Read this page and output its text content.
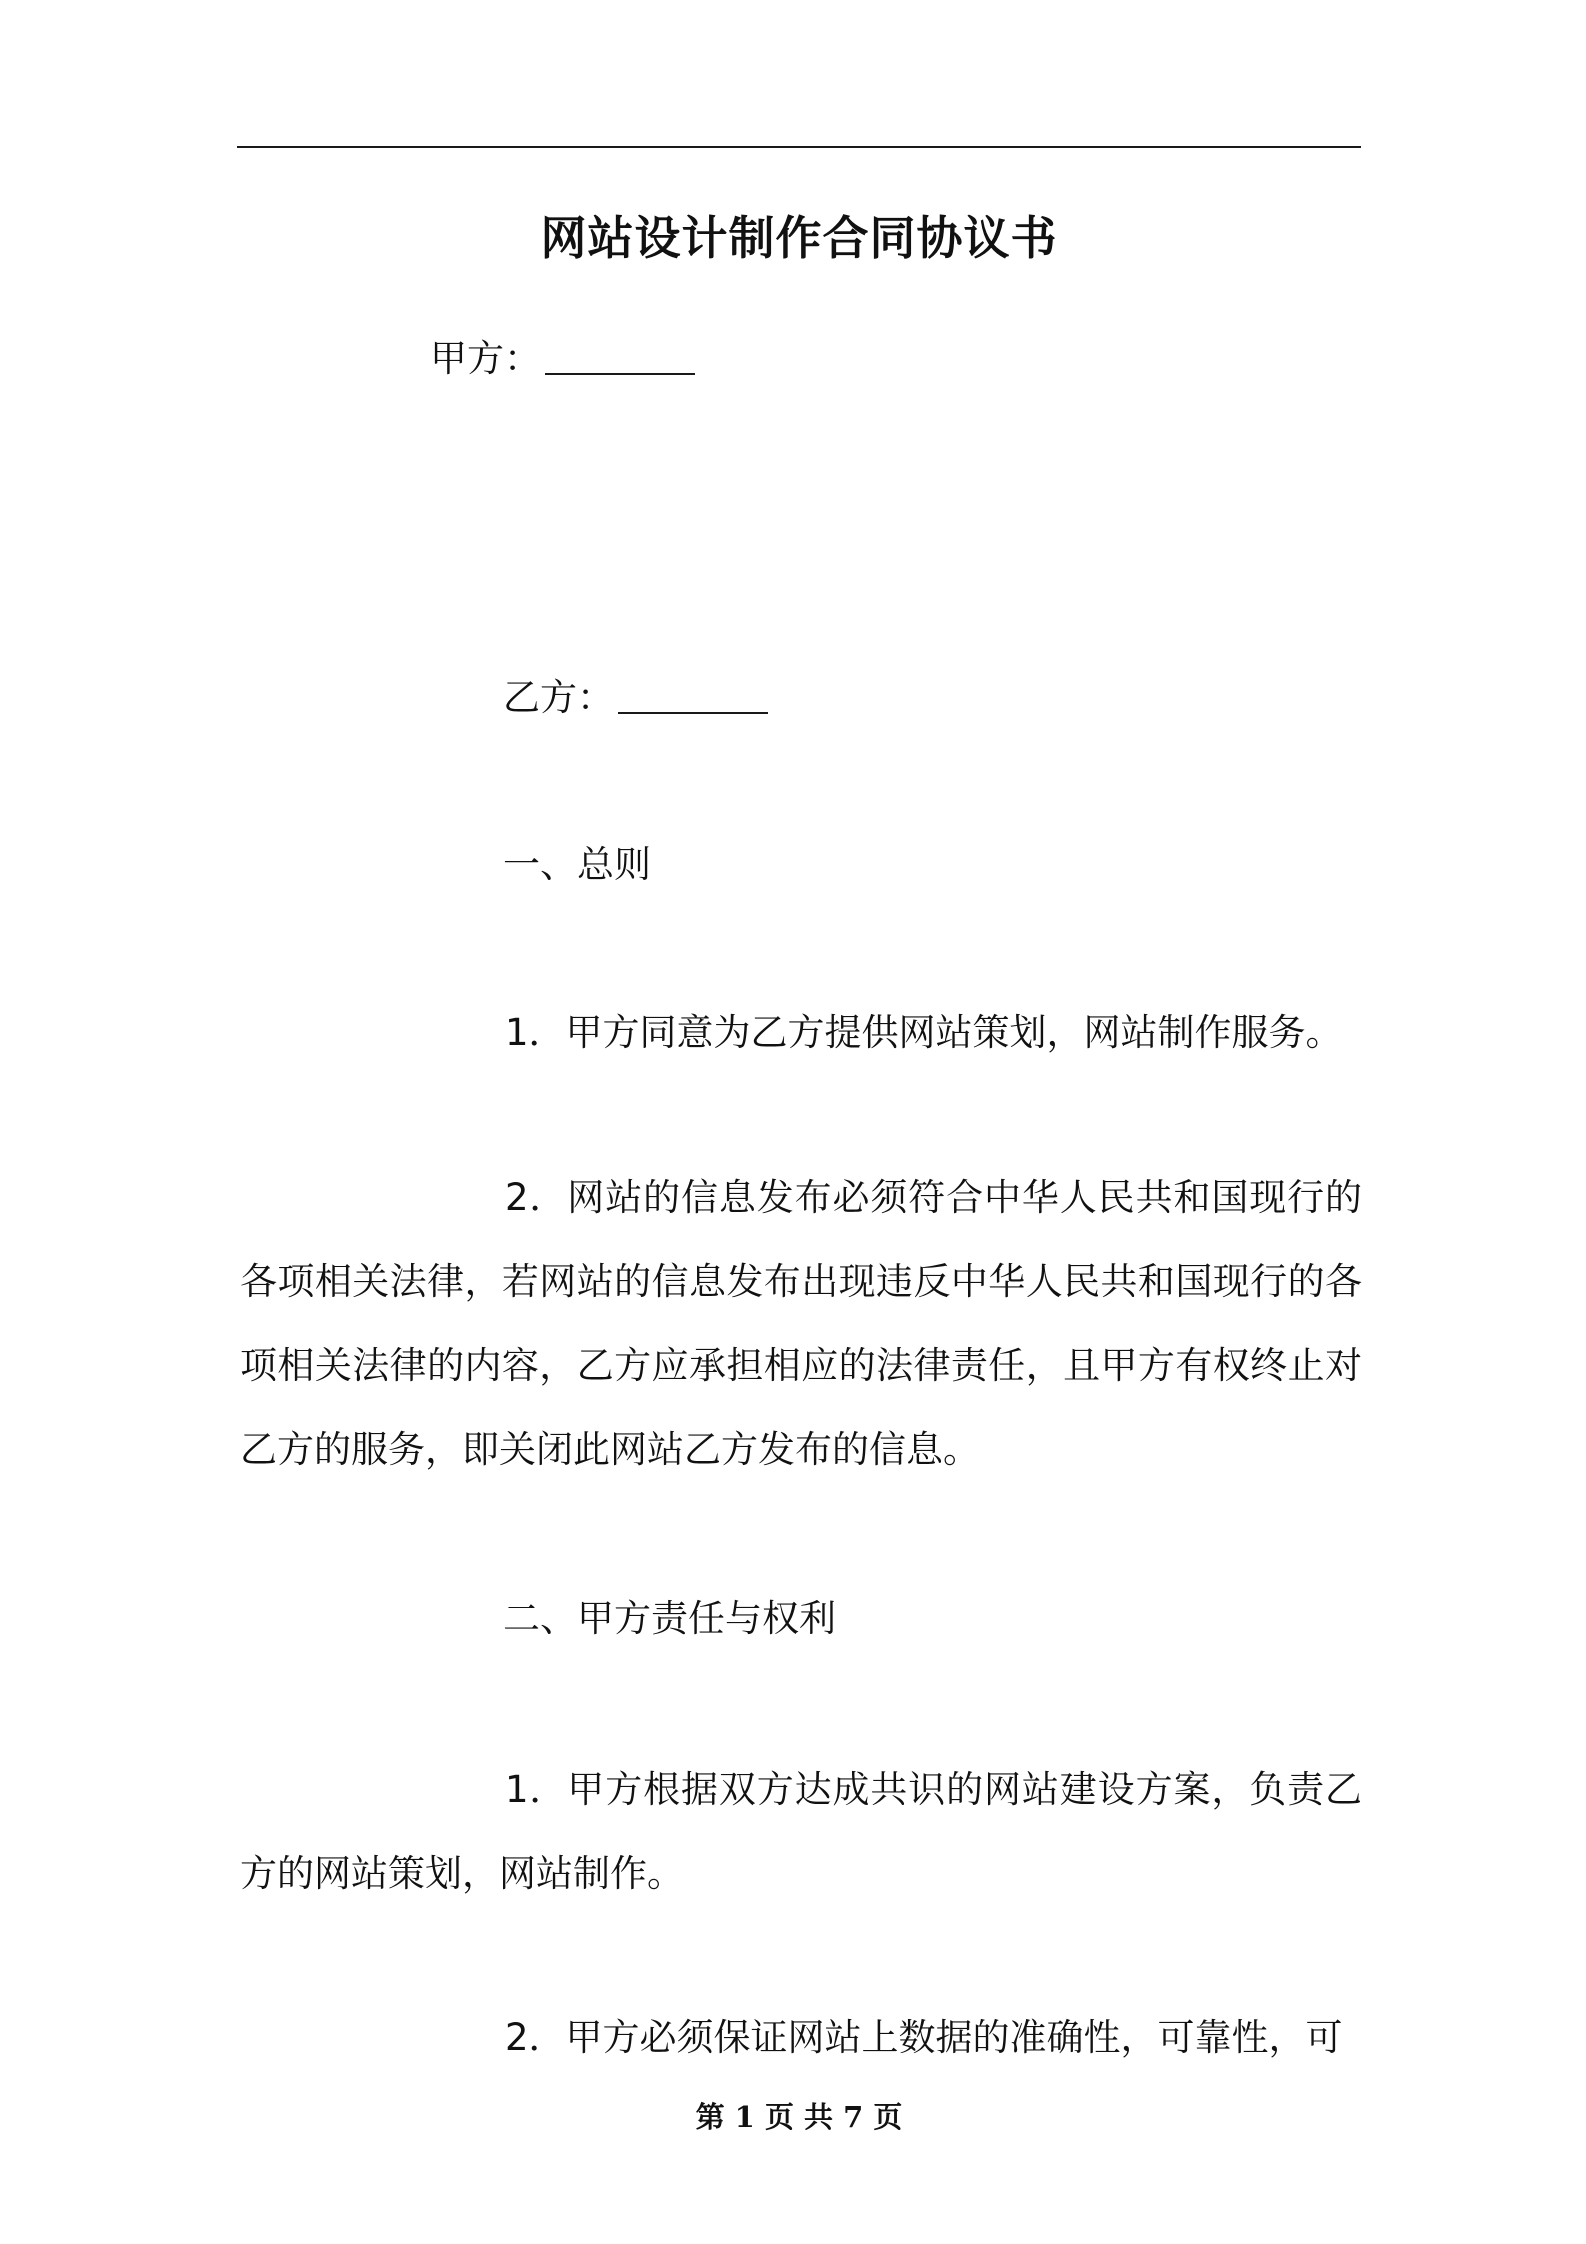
网站设计制作合同协议书
甲方：
乙方：
一、总则
1．甲方同意为乙方提供网站策划，网站制作服务。
2．网站的信息发布必须符合中华人民共和国现行的各项相关法律，若网站的信息发布出现违反中华人民共和国现行的各项相关法律的内容，乙方应承担相应的法律责任，且甲方有权终止对乙方的服务，即关闭此网站乙方发布的信息。
二、甲方责任与权利
1．甲方根据双方达成共识的网站建设方案，负责乙方的网站策划，网站制作。
2．甲方必须保证网站上数据的准确性，可靠性，可
第 1 页 共 7 页
